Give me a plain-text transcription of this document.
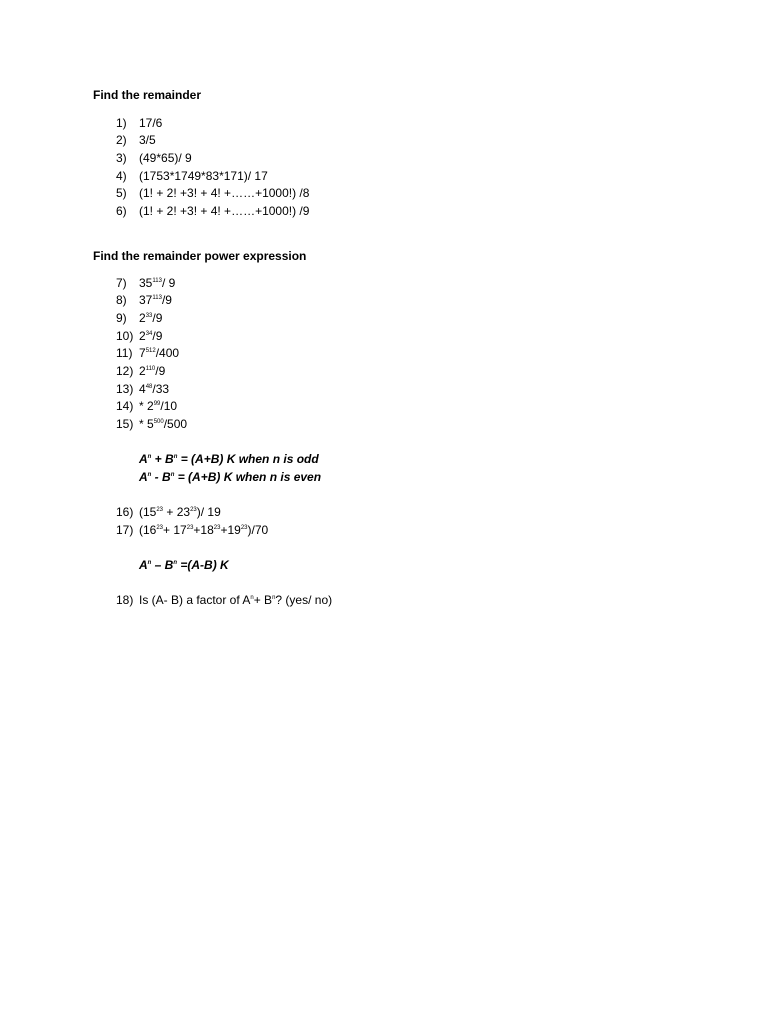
Find the remainder
1) 17/6
2) 3/5
3) (49*65)/ 9
4) (1753*1749*83*171)/ 17
5) (1! + 2! +3! + 4! +……+1000!) /8
6) (1! + 2! +3! + 4! +……+1000!) /9
Find the remainder power expression
7) $35^{113}/$ 9
8) $37^{113}/9$
9) $2^{33}/9$
10) $2^{34}/9$
11) $7^{512}/400$
12) $2^{110}/9$
13) $4^{48}/33$
$14) * 2^{99}/10$
$15) * 5^{500}/500$
$A^n + B^n = (A+B)$ K when n is odd
$A^n - B^n = (A+B)$ K when n is even
16) $(15^{23} + 23^{23})/$ 19
17) $(16^{23}+ 17^{23}+18^{23}+19^{23})/70$
$A^n - B^n =(A-B)$ K
18) Is (A- B) a factor of $A^n+ B^n$? (yes/ no)
